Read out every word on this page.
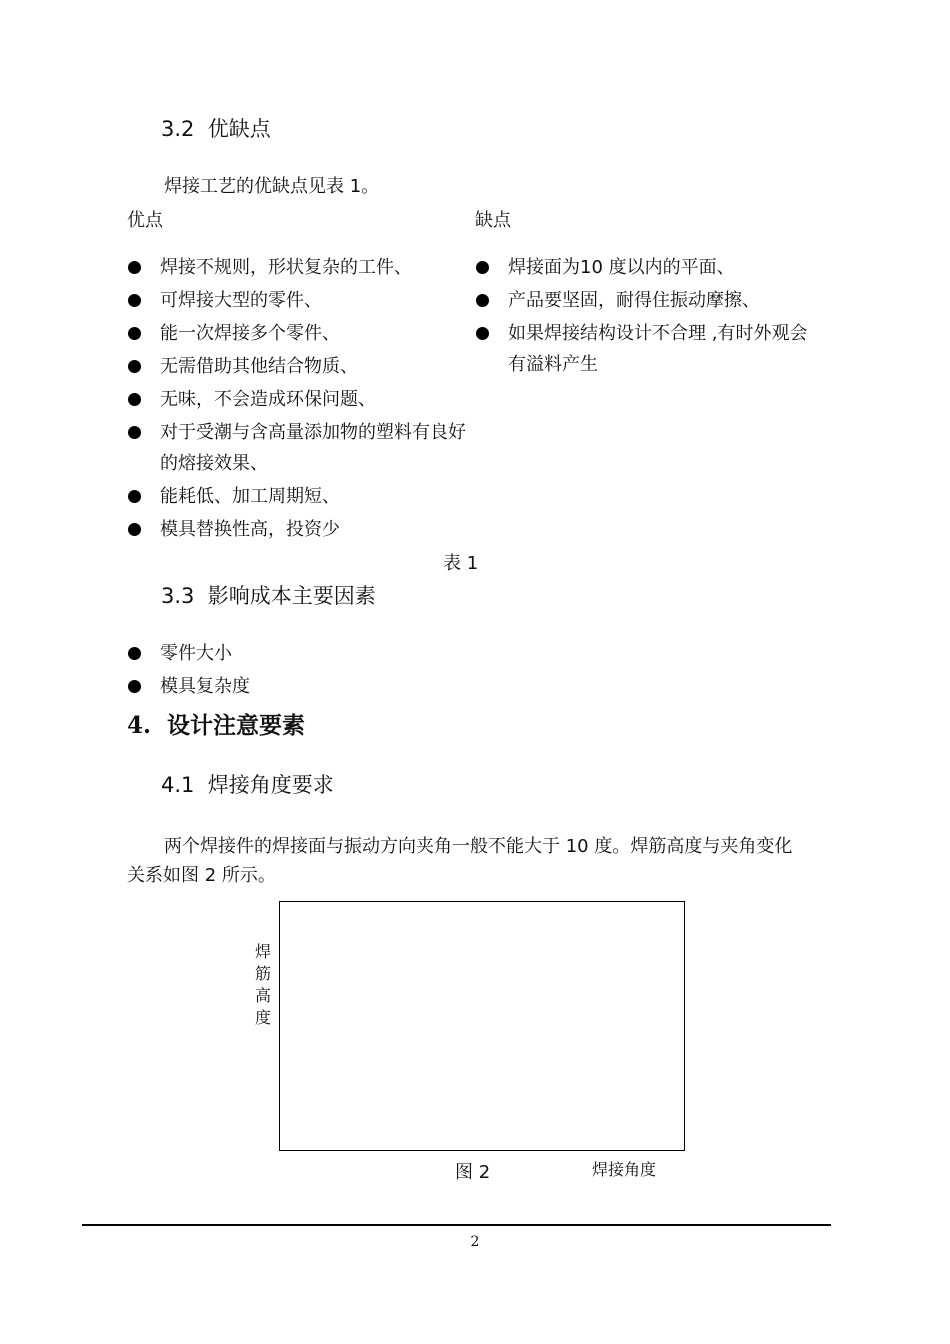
3.2 优缺点
焊接工艺的优缺点见表 1。
优点	缺点
焊接不规则，形状复杂的工件、
可焊接大型的零件、
能一次焊接多个零件、
无需借助其他结合物质、
无味，不会造成环保问题、
对于受潮与含高量添加物的塑料有良好的熔接效果、
能耗低、加工周期短、
模具替换性高，投资少
焊接面为10 度以内的平面、
产品要坚固，耐得住振动摩擦、
如果焊接结构设计不合理 ,有时外观会有溢料产生
表 1
3.3 影响成本主要因素
零件大小
模具复杂度
4. 设计注意要素
4.1 焊接角度要求
两个焊接件的焊接面与振动方向夹角一般不能大于 10 度。焊筋高度与夹角变化
关系如图 2 所示。
焊
筋
高
度
图 2	焊接角度
2
